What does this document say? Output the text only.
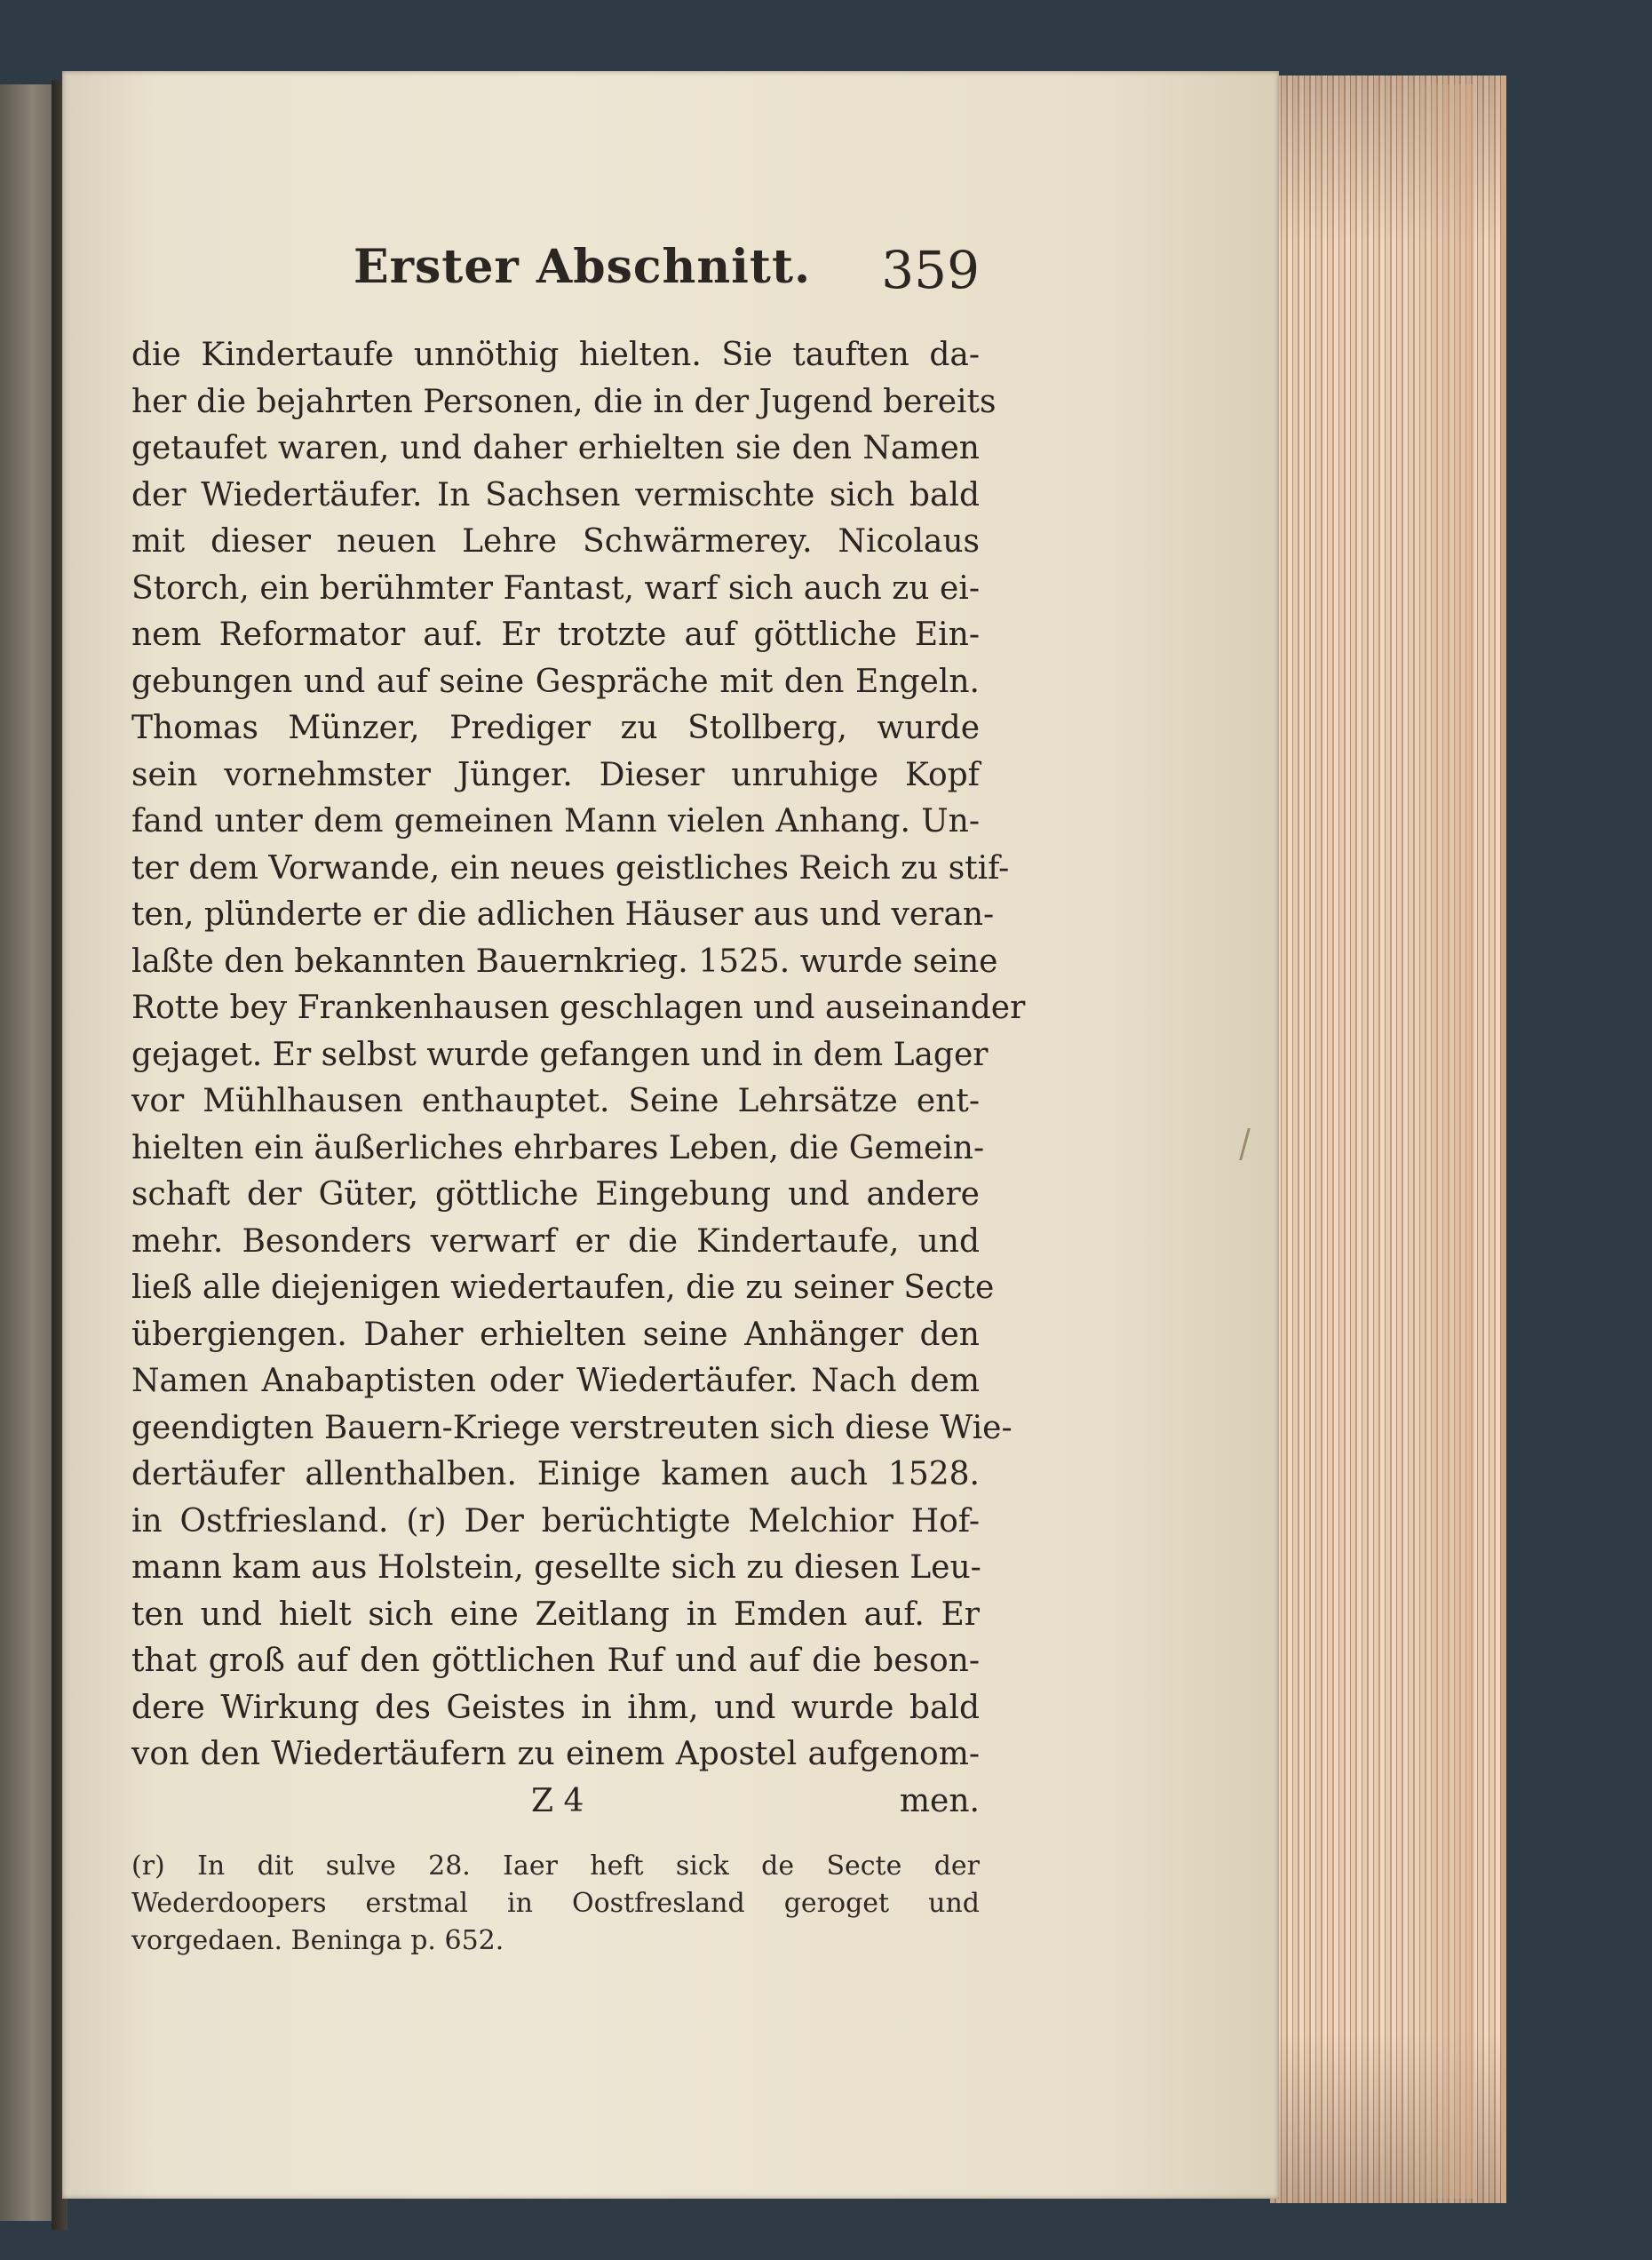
Erster Abschnitt. 359
die Kindertaufe unnöthig hielten. Sie tauften da-
her die bejahrten Personen, die in der Jugend bereits
getaufet waren, und daher erhielten sie den Namen
der Wiedertäufer. In Sachsen vermischte sich bald
mit dieser neuen Lehre Schwärmerey. Nicolaus
Storch, ein berühmter Fantast, warf sich auch zu ei-
nem Reformator auf. Er trotzte auf göttliche Ein-
gebungen und auf seine Gespräche mit den Engeln.
Thomas Münzer, Prediger zu Stollberg, wurde
sein vornehmster Jünger. Dieser unruhige Kopf
fand unter dem gemeinen Mann vielen Anhang. Un-
ter dem Vorwande, ein neues geistliches Reich zu stif-
ten, plünderte er die adlichen Häuser aus und veran-
laßte den bekannten Bauernkrieg. 1525. wurde seine
Rotte bey Frankenhausen geschlagen und auseinander
gejaget. Er selbst wurde gefangen und in dem Lager
vor Mühlhausen enthauptet. Seine Lehrsätze ent-
hielten ein äußerliches ehrbares Leben, die Gemein-
schaft der Güter, göttliche Eingebung und andere
mehr. Besonders verwarf er die Kindertaufe, und
ließ alle diejenigen wiedertaufen, die zu seiner Secte
übergiengen. Daher erhielten seine Anhänger den
Namen Anabaptisten oder Wiedertäufer. Nach dem
geendigten Bauern-Kriege verstreuten sich diese Wie-
dertäufer allenthalben. Einige kamen auch 1528.
in Ostfriesland. (r) Der berüchtigte Melchior Hof-
mann kam aus Holstein, gesellte sich zu diesen Leu-
ten und hielt sich eine Zeitlang in Emden auf. Er
that groß auf den göttlichen Ruf und auf die beson-
dere Wirkung des Geistes in ihm, und wurde bald
von den Wiedertäufern zu einem Apostel aufgenom-
Z 4	men.
(r) In dit sulve 28. Iaer heft sick de Secte der
Wederdoopers erstmal in Oostfresland geroget und
vorgedaen. Beninga p. 652.
